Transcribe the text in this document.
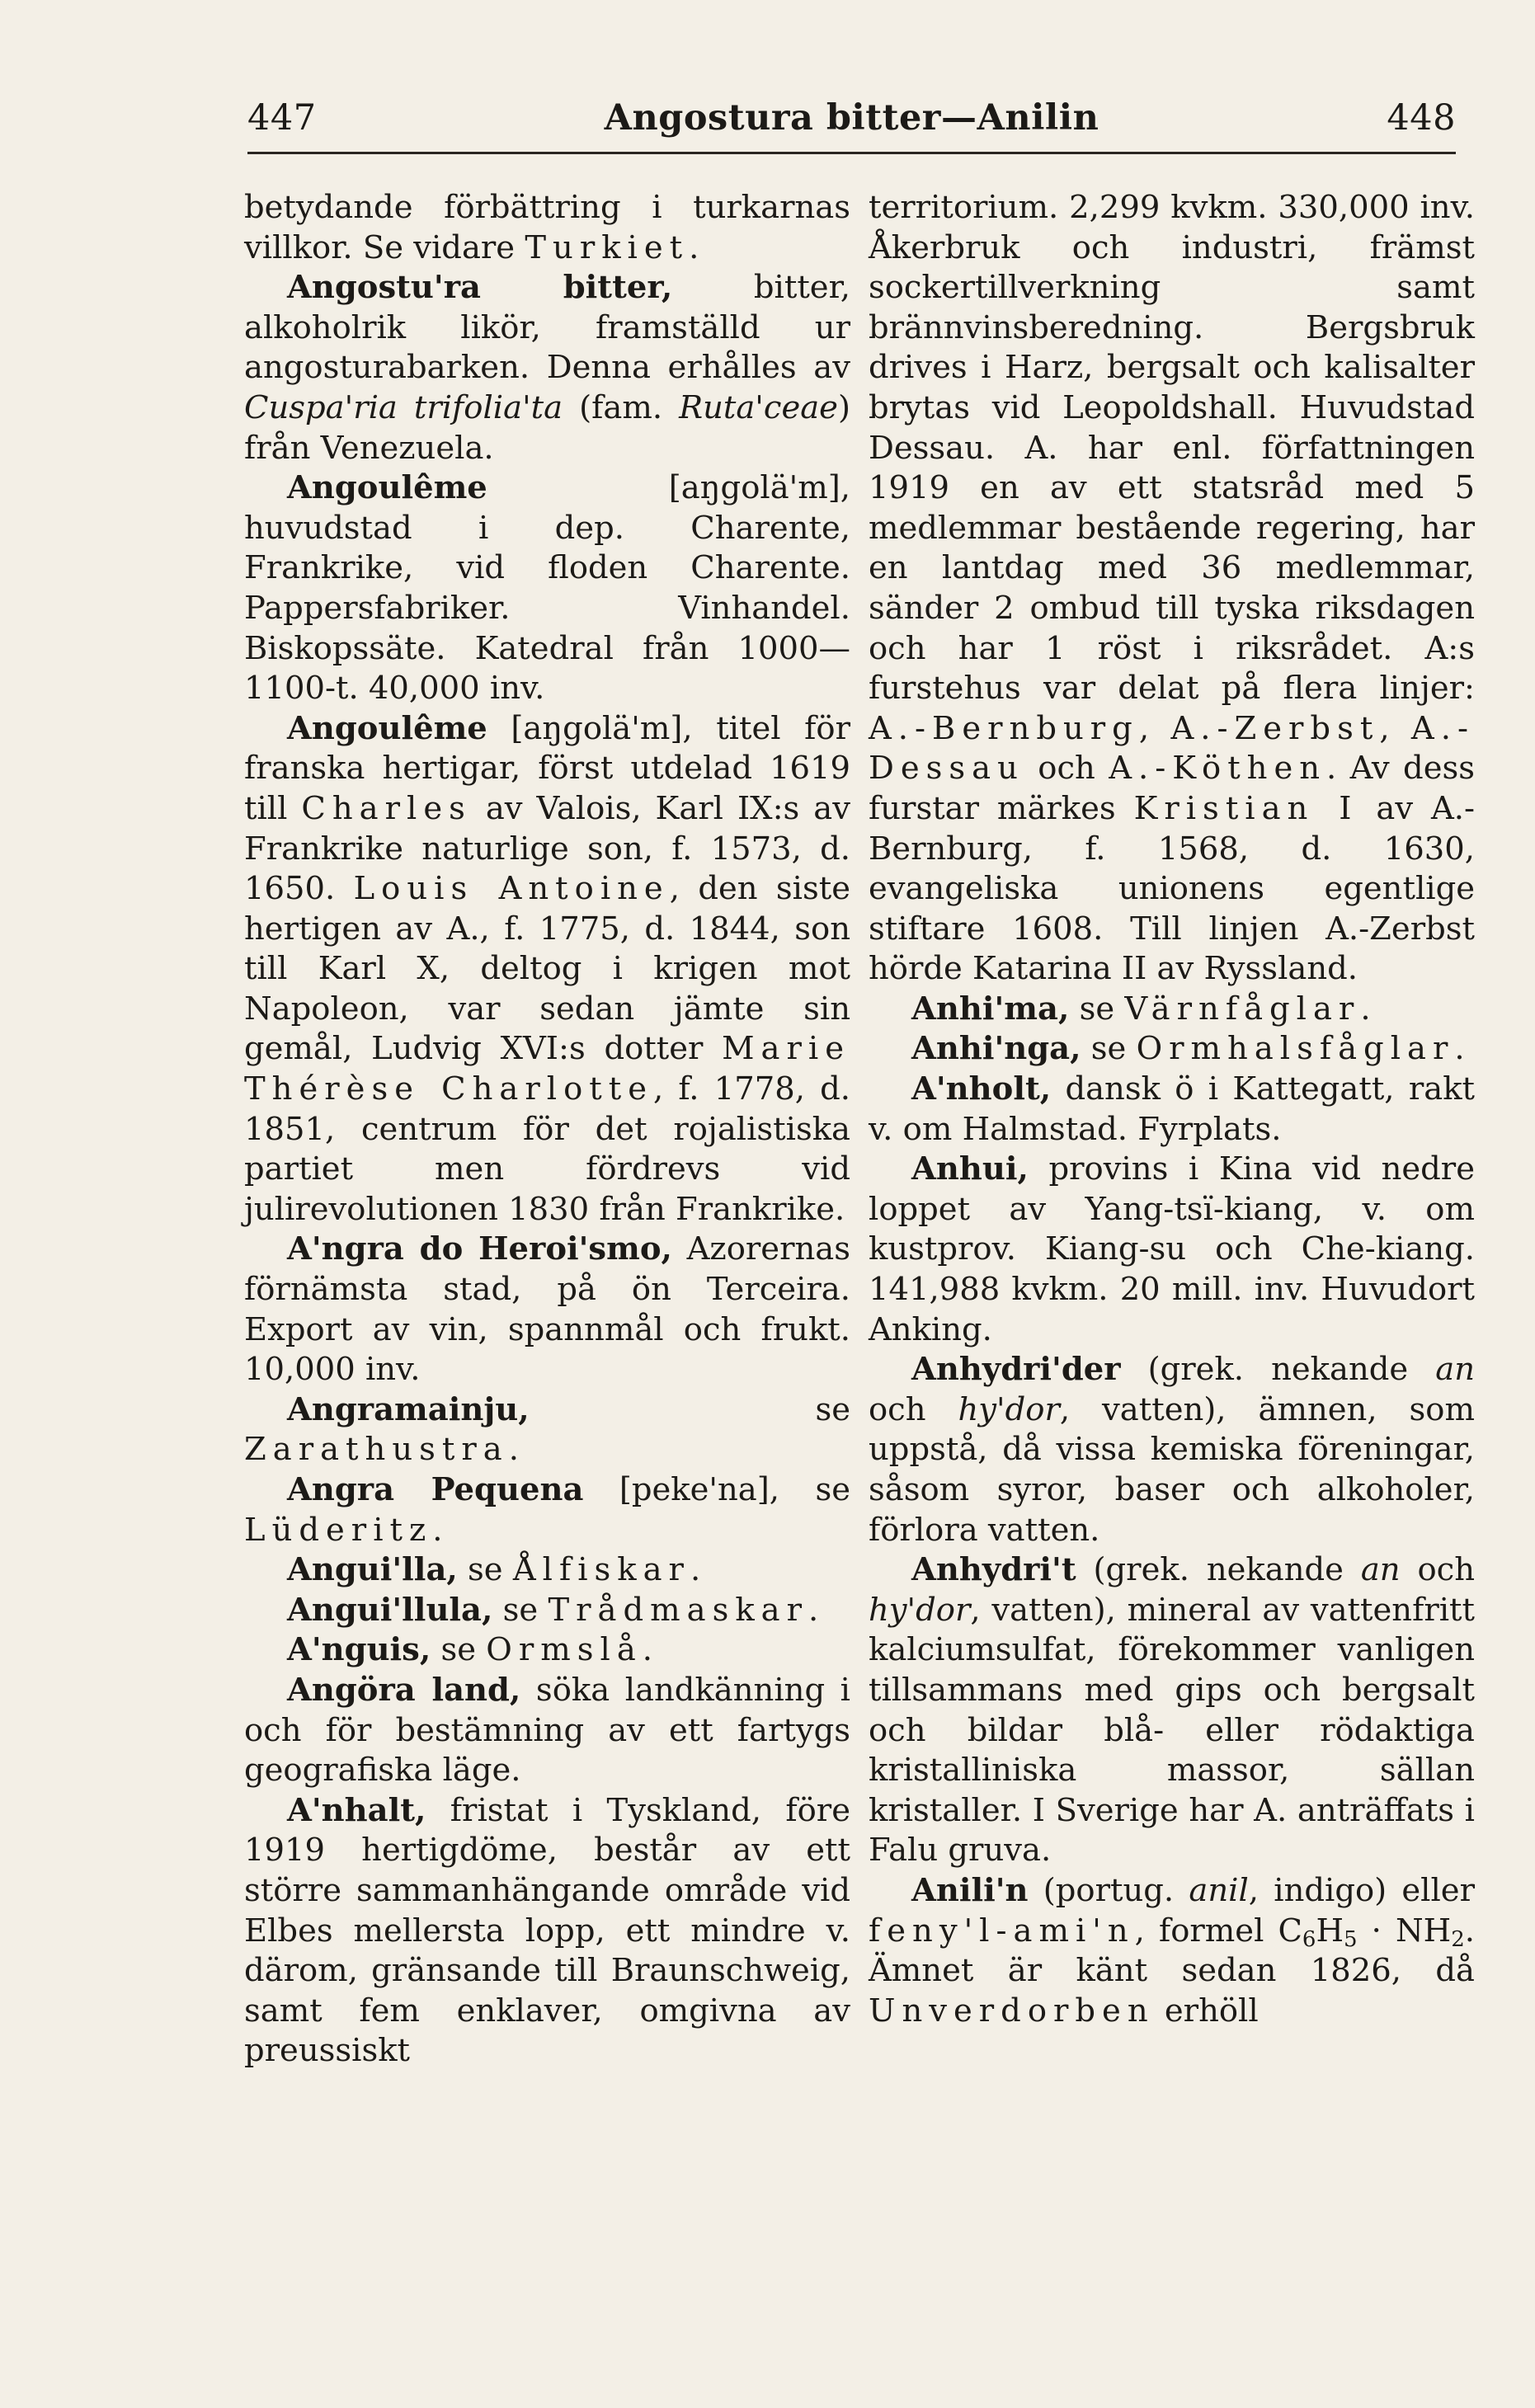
447	Angostura bitter—Anilin	448

betydande förbättring i turkarnas villkor. Se vidare Turkiet.

Angostu'ra bitter, bitter, alkoholrik likör, framställd ur angosturabarken. Denna erhålles av Cuspa'ria trifolia'ta (fam. Ruta'ceae) från Venezuela.

Angoulême [aŋgolä'm], huvudstad i dep. Charente, Frankrike, vid floden Charente. Pappersfabriker. Vinhandel. Biskopssäte. Katedral från 1000—1100-t. 40,000 inv.

Angoulême [aŋgolä'm], titel för franska hertigar, först utdelad 1619 till Charles av Valois, Karl IX:s av Frankrike naturlige son, f. 1573, d. 1650. Louis Antoine, den siste hertigen av A., f. 1775, d. 1844, son till Karl X, deltog i krigen mot Napoleon, var sedan jämte sin gemål, Ludvig XVI:s dotter Marie Thérèse Charlotte, f. 1778, d. 1851, centrum för det rojalistiska partiet men fördrevs vid julirevolutionen 1830 från Frankrike.

A'ngra do Heroi'smo, Azorernas förnämsta stad, på ön Terceira. Export av vin, spannmål och frukt. 10,000 inv.

Angramainju, se Zarathustra.

Angra Pequena [peke'na], se Lüderitz.

Angui'lla, se Ålfiskar.

Angui'llula, se Trådmaskar.

A'nguis, se Ormslå.

Angöra land, söka landkänning i och för bestämning av ett fartygs geografiska läge.

A'nhalt, fristat i Tyskland, före 1919 hertigdöme, består av ett större sammanhängande område vid Elbes mellersta lopp, ett mindre v. därom, gränsande till Braunschweig, samt fem enklaver, omgivna av preussiskt

territorium. 2,299 kvkm. 330,000 inv. Åkerbruk och industri, främst sockertillverkning samt brännvinsberedning. Bergsbruk drives i Harz, bergsalt och kalisalter brytas vid Leopoldshall. Huvudstad Dessau. A. har enl. författningen 1919 en av ett statsråd med 5 medlemmar bestående regering, har en lantdag med 36 medlemmar, sänder 2 ombud till tyska riksdagen och har 1 röst i riksrådet. A:s furstehus var delat på flera linjer: A.-Bernburg, A.-Zerbst, A.-Dessau och A.-Köthen. Av dess furstar märkes Kristian I av A.-Bernburg, f. 1568, d. 1630, evangeliska unionens egentlige stiftare 1608. Till linjen A.-Zerbst hörde Katarina II av Ryssland.

Anhi'ma, se Värnfåglar.

Anhi'nga, se Ormhalsfåglar.

A'nholt, dansk ö i Kattegatt, rakt v. om Halmstad. Fyrplats.

Anhui, provins i Kina vid nedre loppet av Yang-tsï-kiang, v. om kustprov. Kiang-su och Che-kiang. 141,988 kvkm. 20 mill. inv. Huvudort Anking.

Anhydri'der (grek. nekande an och hy'dor, vatten), ämnen, som uppstå, då vissa kemiska föreningar, såsom syror, baser och alkoholer, förlora vatten.

Anhydri't (grek. nekande an och hy'dor, vatten), mineral av vattenfritt kalciumsulfat, förekommer vanligen tillsammans med gips och bergsalt och bildar blå- eller rödaktiga kristalliniska massor, sällan kristaller. I Sverige har A. anträffats i Falu gruva.

Anili'n (portug. anil, indigo) eller feny'l-ami'n, formel $C_6H_5 \cdot NH_2$. Ämnet är känt sedan 1826, då Unverdorben erhöll
